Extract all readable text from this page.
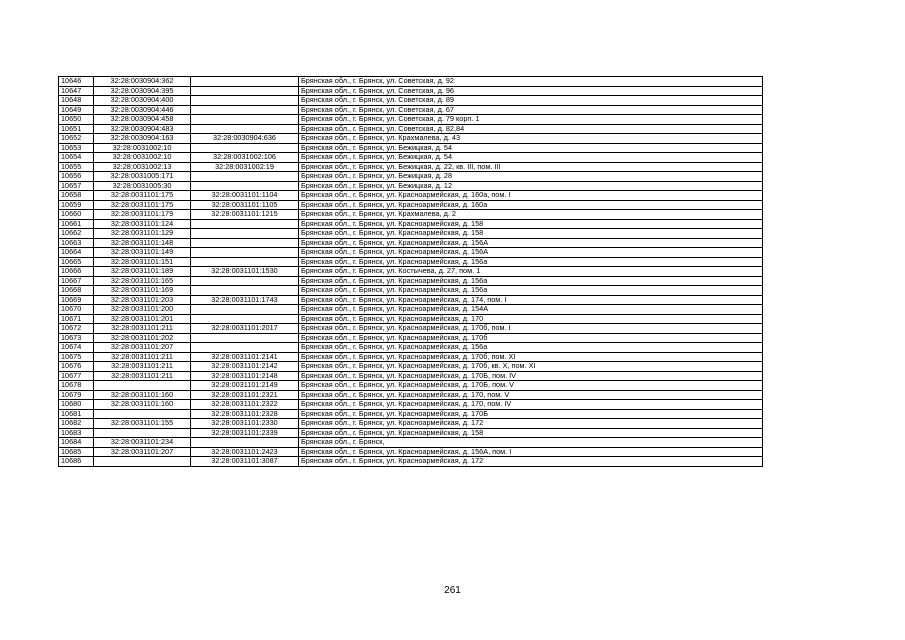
10646	32:28:0030904:362		Брянская обл., г. Брянск, ул. Советская, д. 92
10647	32:28:0030904:395		Брянская обл., г. Брянск, ул. Советская, д. 96
10648	32:28:0030904:400		Брянская обл., г. Брянск, ул. Советская, д. 89
10649	32:28:0030904:446		Брянская обл., г. Брянск, ул. Советская, д. 67
10650	32:28:0030904:458		Брянская обл., г. Брянск, ул. Советская, д. 79 корп. 1
10651	32:28:0030904:483		Брянская обл., г. Брянск, ул. Советская, д. 82,84
10652	32:28:0030904:163	32:28:0030904:636	Брянская обл., г. Брянск, ул. Крахмалева, д. 43
10653	32:28:0031002:10		Брянская обл., г. Брянск, ул. Бежицкая, д. 54
10654	32:28:0031002:10	32:28:0031002:106	Брянская обл., г. Брянск, ул. Бежицкая, д. 54
10655	32:28:0031002:13	32:28:0031002:19	Брянская обл., г. Брянск, ул. Бежицкая, д. 22, кв. III, пом. III
10656	32:28:0031005:171		Брянская обл., г. Брянск, ул. Бежицкая, д. 28
10657	32:28:0031005:30		Брянская обл., г. Брянск, ул. Бежицкая, д. 12
10658	32:28:0031101:175	32:28:0031101:1104	Брянская обл., г. Брянск, ул. Красноармейская, д. 160а, пом. I
10659	32:28:0031101:175	32:28:0031101:1105	Брянская обл., г. Брянск, ул. Красноармейская, д. 160а
10660	32:28:0031101:179	32:28:0031101:1215	Брянская обл., г. Брянск, ул. Крахмалева, д. 2
10661	32:28:0031101:124		Брянская обл., г. Брянск, ул. Красноармейская, д. 158
10662	32:28:0031101:129		Брянская обл., г. Брянск, ул. Красноармейская, д. 158
10663	32:28:0031101:148		Брянская обл., г. Брянск, ул. Красноармейская, д. 156А
10664	32:28:0031101:149		Брянская обл., г. Брянск, ул. Красноармейская, д. 156А
10665	32:28:0031101:151		Брянская обл., г. Брянск, ул. Красноармейская, д. 156а
10666	32:28:0031101:189	32:28:0031101:1530	Брянская обл., г. Брянск, ул. Костычева, д. 27, пом. 1
10667	32:28:0031101:165		Брянская обл., г. Брянск, ул. Красноармейская, д. 156а
10668	32:28:0031101:169		Брянская обл., г. Брянск, ул. Красноармейская, д. 156а
10669	32:28:0031101:203	32:28:0031101:1743	Брянская обл., г. Брянск, ул. Красноармейская, д. 174, пом. I
10670	32:28:0031101:200		Брянская обл., г. Брянск, ул. Красноармейская, д. 154А
10671	32:28:0031101:201		Брянская обл., г. Брянск, ул. Красноармейская, д. 170
10672	32:28:0031101:211	32:28:0031101:2017	Брянская обл., г. Брянск, ул. Красноармейская, д. 170б, пом. I
10673	32:28:0031101:202		Брянская обл., г. Брянск, ул. Красноармейская, д. 170б
10674	32:28:0031101:207		Брянская обл., г. Брянск, ул. Красноармейская, д. 156а
10675	32:28:0031101:211	32:28:0031101:2141	Брянская обл., г. Брянск, ул. Красноармейская, д. 170б, пом. XI
10676	32:28:0031101:211	32:28:0031101:2142	Брянская обл., г. Брянск, ул. Красноармейская, д. 170б, кв. X, пом. XI
10677	32:28:0031101:211	32:28:0031101:2148	Брянская обл., г. Брянск, ул. Красноармейская, д. 170Б, пом. IV
10678		32:28:0031101:2149	Брянская обл., г. Брянск, ул. Красноармейская, д. 170Б, пом. V
10679	32:28:0031101:160	32:28:0031101:2321	Брянская обл., г. Брянск, ул. Красноармейская, д. 170, пом. V
10680	32:28:0031101:160	32:28:0031101:2322	Брянская обл., г. Брянск, ул. Красноармейская, д. 170, пом. IV
10681		32:28:0031101:2328	Брянская обл., г. Брянск, ул. Красноармейская, д. 170Б
10682	32:28:0031101:155	32:28:0031101:2330	Брянская обл., г. Брянск, ул. Красноармейская, д. 172
10683		32:28:0031101:2339	Брянская обл., г. Брянск, ул. Красноармейская, д. 158
10684	32:28:0031101:234		Брянская обл., г. Брянск,
10685	32:28:0031101:207	32:28:0031101:2423	Брянская обл., г. Брянск, ул. Красноармейская, д. 156А, пом. I
10686		32:28:0031101:3087	Брянская обл., г. Брянск, ул. Красноармейская, д. 172
261
